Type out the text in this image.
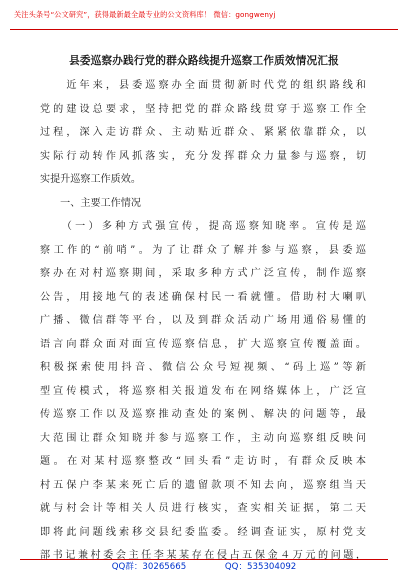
关注头条号“公文研究”，获得最新最全最专业的公文资料库！ 微信：gongwenyj
县委巡察办践行党的群众路线提升巡察工作质效情况汇报
　　近年来，县委巡察办全面贯彻新时代党的组织路线和
党的建设总要求，坚持把党的群众路线贯穿于巡察工作全
过程，深入走访群众、主动贴近群众、紧紧依靠群众，以
实际行动转作风抓落实，充分发挥群众力量参与巡察，切
实提升巡察工作质效。
　　一、主要工作情况
　　（一）多种方式强宣传，提高巡察知晓率。宣传是巡
察工作的“前哨”。为了让群众了解并参与巡察，县委巡
察办在对村巡察期间，采取多种方式广泛宣传，制作巡察
公告，用接地气的表述确保村民一看就懂。借助村大喇叭
广播、微信群等平台，以及到群众活动广场用通俗易懂的
语言向群众面对面宣传巡察信息，扩大巡察宣传覆盖面。
积极探索使用抖音、微信公众号短视频、“码上巡”等新
型宣传模式，将巡察相关报道发布在网络媒体上，广泛宣
传巡察工作以及巡察推动查处的案例、解决的问题等，最
大范围让群众知晓并参与巡察工作，主动向巡察组反映问
题。在对某村巡察整改“回头看”走访时，有群众反映本
村五保户李某来死亡后的遗留款项不知去向，巡察组当天
就与村会计等相关人员进行核实，查实相关证据，第二天
即将此问题线索移交县纪委监委。经调查证实，原村党支
部书记兼村委会主任李某某存在侵占五保金４万元的问题，
QQ群：30265665	QQ：535304092
